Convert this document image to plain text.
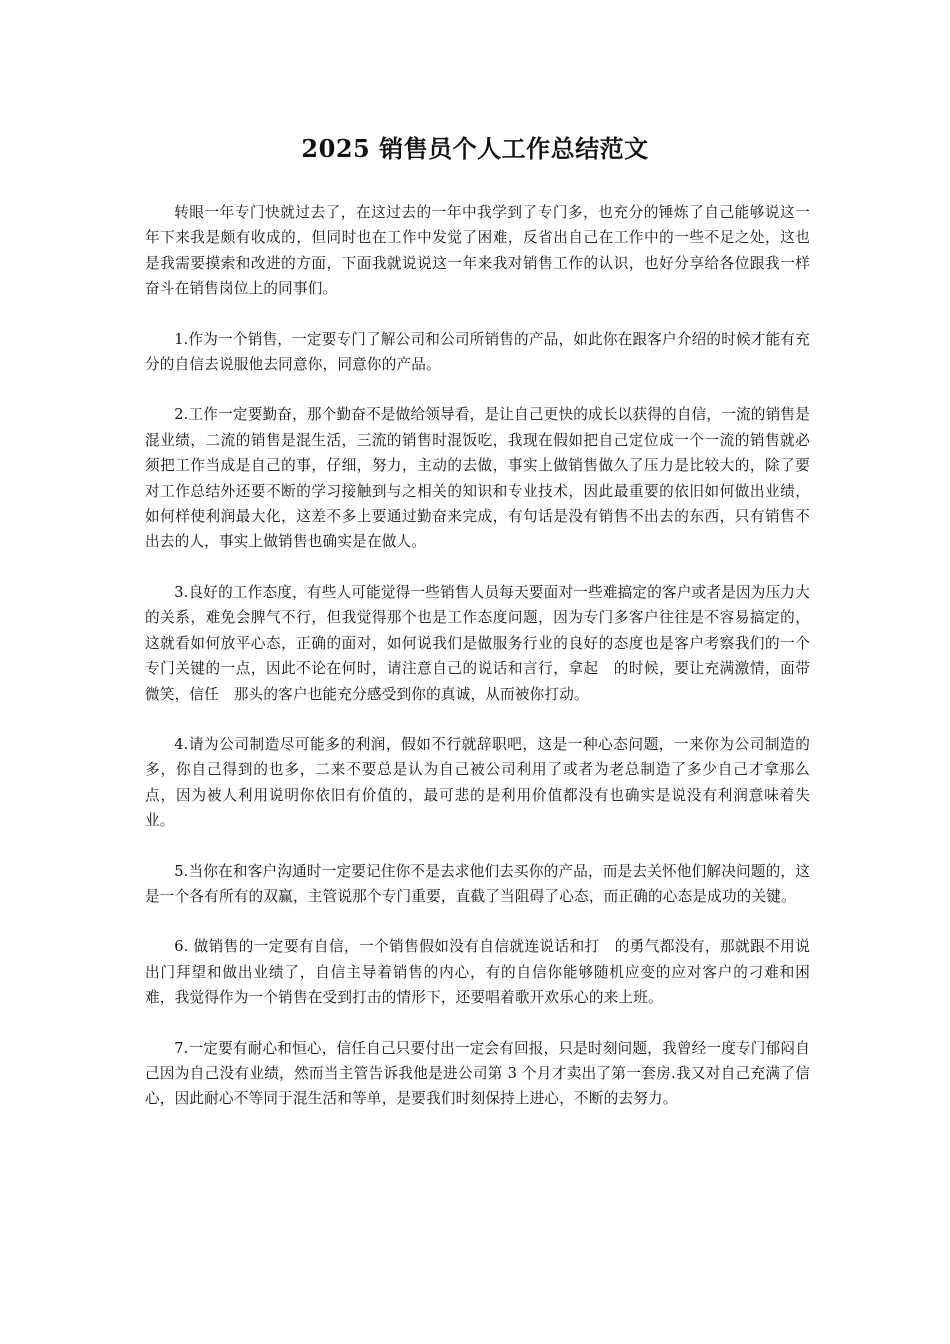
2025 销售员个人工作总结范文

转眼一年专门快就过去了，在这过去的一年中我学到了专门多，也充分的锤炼了自己能够说这一年下来我是颇有收成的，但同时也在工作中发觉了困难，反省出自己在工作中的一些不足之处，这也是我需要摸索和改进的方面，下面我就说说这一年来我对销售工作的认识，也好分享给各位跟我一样奋斗在销售岗位上的同事们。

1.作为一个销售，一定要专门了解公司和公司所销售的产品，如此你在跟客户介绍的时候才能有充分的自信去说服他去同意你，同意你的产品。

2.工作一定要勤奋，那个勤奋不是做给领导看，是让自己更快的成长以获得的自信，一流的销售是混业绩，二流的销售是混生活，三流的销售时混饭吃，我现在假如把自己定位成一个一流的销售就必须把工作当成是自己的事，仔细，努力，主动的去做，事实上做销售做久了压力是比较大的，除了要对工作总结外还要不断的学习接触到与之相关的知识和专业技术，因此最重要的依旧如何做出业绩，如何样使利润最大化，这差不多上要通过勤奋来完成，有句话是没有销售不出去的东西，只有销售不出去的人，事实上做销售也确实是在做人。

3.良好的工作态度，有些人可能觉得一些销售人员每天要面对一些难搞定的客户或者是因为压力大的关系，难免会脾气不行，但我觉得那个也是工作态度问题，因为专门多客户往往是不容易搞定的，这就看如何放平心态，正确的面对，如何说我们是做服务行业的良好的态度也是客户考察我们的一个专门关键的一点，因此不论在何时，请注意自己的说话和言行，拿起　的时候，要让充满激情，面带微笑，信任　那头的客户也能充分感受到你的真诚，从而被你打动。

4.请为公司制造尽可能多的利润，假如不行就辞职吧，这是一种心态问题，一来你为公司制造的多，你自己得到的也多，二来不要总是认为自己被公司利用了或者为老总制造了多少自己才拿那么点，因为被人利用说明你依旧有价值的，最可悲的是利用价值都没有也确实是说没有利润意味着失业。

5.当你在和客户沟通时一定要记住你不是去求他们去买你的产品，而是去关怀他们解决问题的，这是一个各有所有的双赢，主管说那个专门重要，直截了当阻碍了心态，而正确的心态是成功的关键。

6. 做销售的一定要有自信，一个销售假如没有自信就连说话和打　的勇气都没有，那就跟不用说出门拜望和做出业绩了，自信主导着销售的内心，有的自信你能够随机应变的应对客户的刁难和困难，我觉得作为一个销售在受到打击的情形下，还要唱着歌开欢乐心的来上班。

7.一定要有耐心和恒心，信任自己只要付出一定会有回报，只是时刻问题，我曾经一度专门郁闷自己因为自己没有业绩，然而当主管告诉我他是进公司第 3 个月才卖出了第一套房.我又对自己充满了信心，因此耐心不等同于混生活和等单，是要我们时刻保持上进心，不断的去努力。
